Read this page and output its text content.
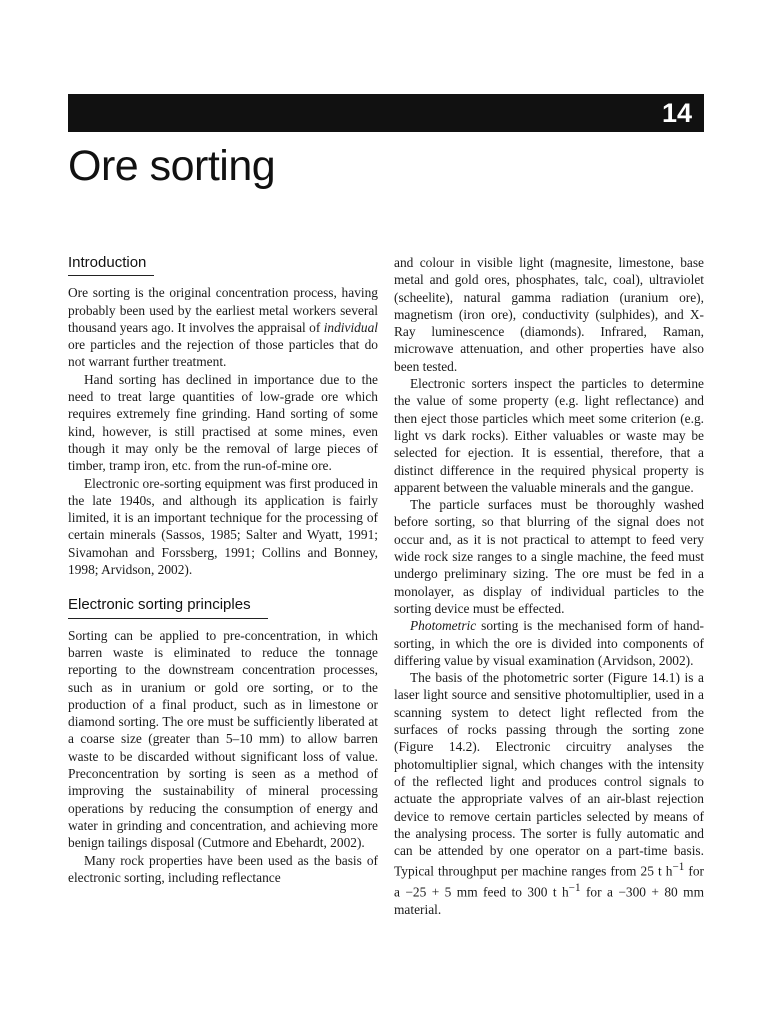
14
Ore sorting
Introduction

Ore sorting is the original concentration process, having probably been used by the earliest metal workers several thousand years ago. It involves the appraisal of individual ore particles and the rejection of those particles that do not warrant further treatment.

Hand sorting has declined in importance due to the need to treat large quantities of low-grade ore which requires extremely fine grinding. Hand sorting of some kind, however, is still practised at some mines, even though it may only be the removal of large pieces of timber, tramp iron, etc. from the run-of-mine ore.

Electronic ore-sorting equipment was first produced in the late 1940s, and although its application is fairly limited, it is an important technique for the processing of certain minerals (Sassos, 1985; Salter and Wyatt, 1991; Sivamohan and Forssberg, 1991; Collins and Bonney, 1998; Arvidson, 2002).

Electronic sorting principles

Sorting can be applied to pre-concentration, in which barren waste is eliminated to reduce the tonnage reporting to the downstream concentration processes, such as in uranium or gold ore sorting, or to the production of a final product, such as in limestone or diamond sorting. The ore must be sufficiently liberated at a coarse size (greater than 5–10 mm) to allow barren waste to be discarded without significant loss of value. Preconcentration by sorting is seen as a method of improving the sustainability of mineral processing operations by reducing the consumption of energy and water in grinding and concentration, and achieving more benign tailings disposal (Cutmore and Ebehardt, 2002).

Many rock properties have been used as the basis of electronic sorting, including reflectance

and colour in visible light (magnesite, limestone, base metal and gold ores, phosphates, talc, coal), ultraviolet (scheelite), natural gamma radiation (uranium ore), magnetism (iron ore), conductivity (sulphides), and X-Ray luminescence (diamonds). Infrared, Raman, microwave attenuation, and other properties have also been tested.

Electronic sorters inspect the particles to determine the value of some property (e.g. light reflectance) and then eject those particles which meet some criterion (e.g. light vs dark rocks). Either valuables or waste may be selected for ejection. It is essential, therefore, that a distinct difference in the required physical property is apparent between the valuable minerals and the gangue.

The particle surfaces must be thoroughly washed before sorting, so that blurring of the signal does not occur and, as it is not practical to attempt to feed very wide rock size ranges to a single machine, the feed must undergo preliminary sizing. The ore must be fed in a monolayer, as display of individual particles to the sorting device must be effected.

Photometric sorting is the mechanised form of hand-sorting, in which the ore is divided into components of differing value by visual examination (Arvidson, 2002).

The basis of the photometric sorter (Figure 14.1) is a laser light source and sensitive photomultiplier, used in a scanning system to detect light reflected from the surfaces of rocks passing through the sorting zone (Figure 14.2). Electronic circuitry analyses the photomultiplier signal, which changes with the intensity of the reflected light and produces control signals to actuate the appropriate valves of an air-blast rejection device to remove certain particles selected by means of the analysing process. The sorter is fully automatic and can be attended by one operator on a part-time basis. Typical throughput per machine ranges from 25 t $h^{-1}$ for a −25 + 5 mm feed to 300 t $h^{-1}$ for a −300 + 80 mm material.
